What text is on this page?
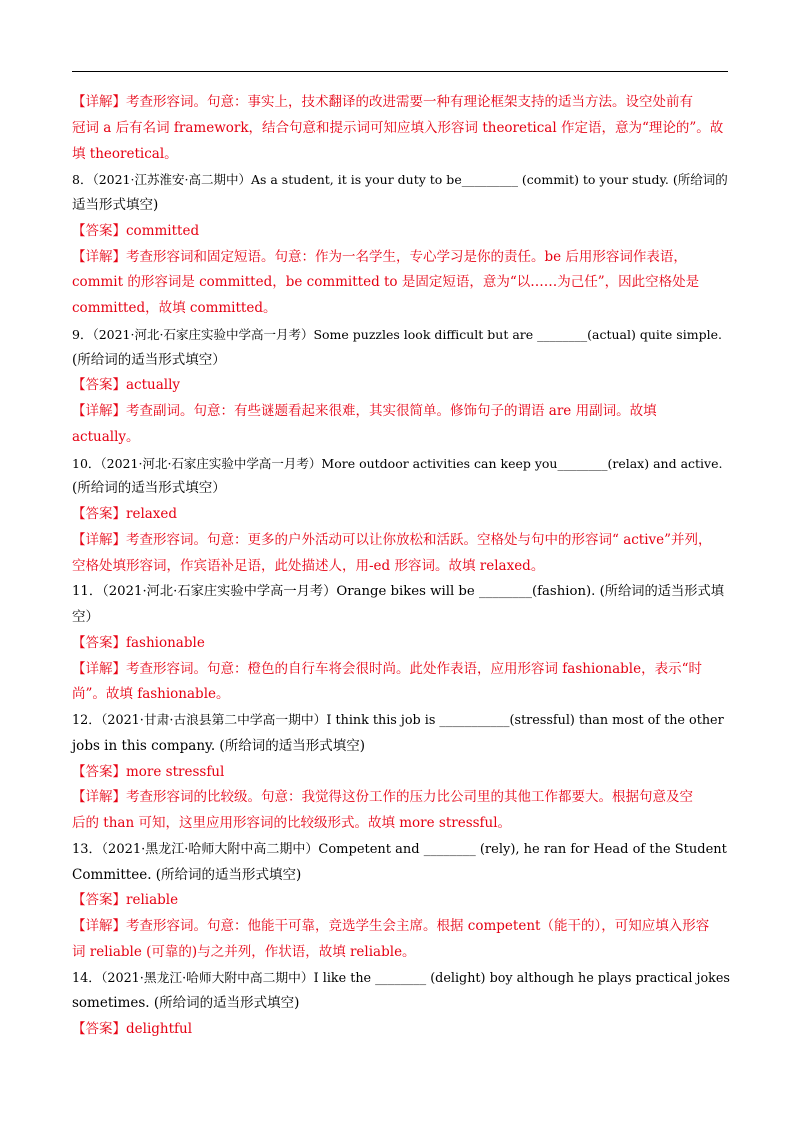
【详解】考查形容词。句意：事实上，技术翻译的改进需要一种有理论框架支持的适当方法。设空处前有
冠词 a 后有名词 framework，结合句意和提示词可知应填入形容词 theoretical 作定语，意为“理论的”。故
填 theoretical。
8．（2021·江苏淮安·高二期中）As a student, it is your duty to be_________ (commit) to your study. (所给词的
适当形式填空)
【答案】committed
【详解】考查形容词和固定短语。句意：作为一名学生，专心学习是你的责任。be 后用形容词作表语，
commit 的形容词是 committed，be committed to 是固定短语，意为“以……为己任”，因此空格处是
committed，故填 committed。
9．（2021·河北·石家庄实验中学高一月考）Some puzzles look difficult but are ________(actual) quite simple.
(所给词的适当形式填空）
【答案】actually
【详解】考查副词。句意：有些谜题看起来很难，其实很简单。修饰句子的谓语 are 用副词。故填
actually。
10．（2021·河北·石家庄实验中学高一月考）More outdoor activities can keep you________(relax) and active.
(所给词的适当形式填空）
【答案】relaxed
【详解】考查形容词。句意：更多的户外活动可以让你放松和活跃。空格处与句中的形容词“ active”并列，
空格处填形容词，作宾语补足语，此处描述人，用-ed 形容词。故填 relaxed。
11．（2021·河北·石家庄实验中学高一月考）Orange bikes will be ________(fashion). (所给词的适当形式填
空）
【答案】fashionable
【详解】考查形容词。句意：橙色的自行车将会很时尚。此处作表语，应用形容词 fashionable，表示“时
尚”。故填 fashionable。
12．（2021·甘肃·古浪县第二中学高一期中）I think this job is ___________(stressful) than most of the other
jobs in this company. (所给词的适当形式填空)
【答案】more stressful
【详解】考查形容词的比较级。句意：我觉得这份工作的压力比公司里的其他工作都要大。根据句意及空
后的 than 可知，这里应用形容词的比较级形式。故填 more stressful。
13．（2021·黑龙江·哈师大附中高二期中）Competent and ________ (rely), he ran for Head of the Student
Committee. (所给词的适当形式填空)
【答案】reliable
【详解】考查形容词。句意：他能干可靠，竞选学生会主席。根据 competent（能干的），可知应填入形容
词 reliable (可靠的)与之并列，作状语，故填 reliable。
14．（2021·黑龙江·哈师大附中高二期中）I like the ________ (delight) boy although he plays practical jokes
sometimes. (所给词的适当形式填空)
【答案】delightful
